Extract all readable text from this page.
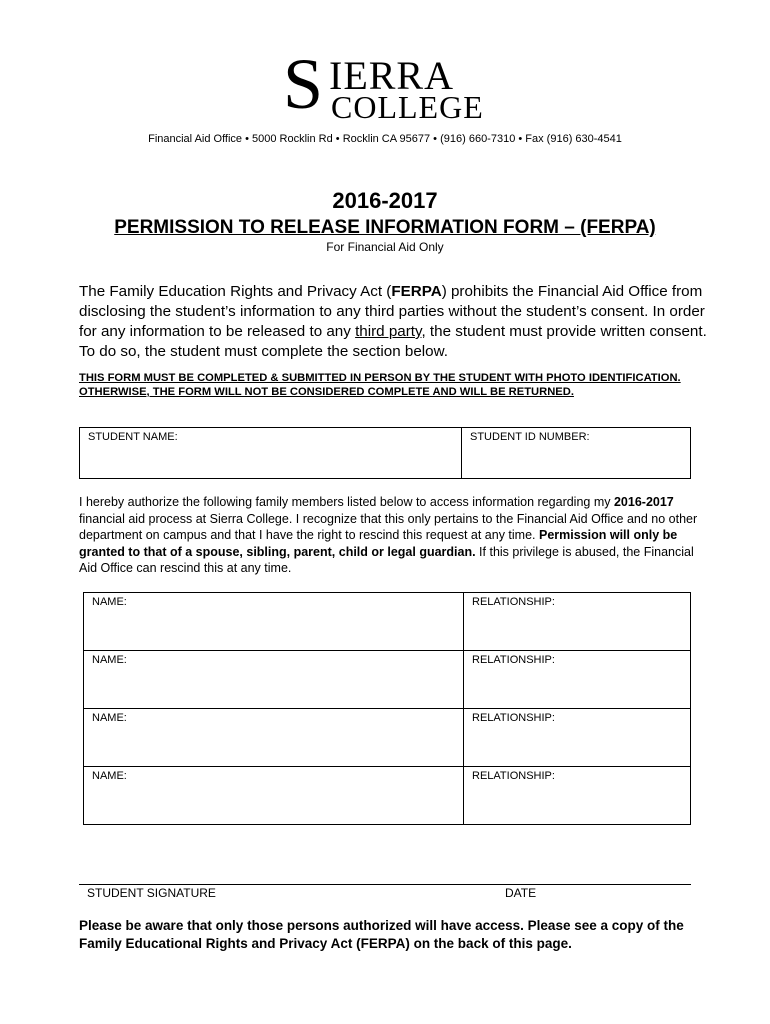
S IERRA
COLLEGE
Financial Aid Office • 5000 Rocklin Rd • Rocklin CA 95677 • (916) 660-7310 • Fax (916) 630-4541
2016-2017
PERMISSION TO RELEASE INFORMATION FORM – (FERPA)
For Financial Aid Only
The Family Education Rights and Privacy Act (FERPA) prohibits the Financial Aid Office from disclosing the student’s information to any third parties without the student’s consent. In order for any information to be released to any third party, the student must provide written consent. To do so, the student must complete the section below.
THIS FORM MUST BE COMPLETED & SUBMITTED IN PERSON BY THE STUDENT WITH PHOTO IDENTIFICATION. OTHERWISE, THE FORM WILL NOT BE CONSIDERED COMPLETE AND WILL BE RETURNED.
STUDENT NAME:	STUDENT ID NUMBER:
I hereby authorize the following family members listed below to access information regarding my 2016-2017 financial aid process at Sierra College. I recognize that this only pertains to the Financial Aid Office and no other department on campus and that I have the right to rescind this request at any time. Permission will only be granted to that of a spouse, sibling, parent, child or legal guardian. If this privilege is abused, the Financial Aid Office can rescind this at any time.
NAME:	RELATIONSHIP:
NAME:	RELATIONSHIP:
NAME:	RELATIONSHIP:
NAME:	RELATIONSHIP:
STUDENT SIGNATURE	DATE
Please be aware that only those persons authorized will have access. Please see a copy of the Family Educational Rights and Privacy Act (FERPA) on the back of this page.
